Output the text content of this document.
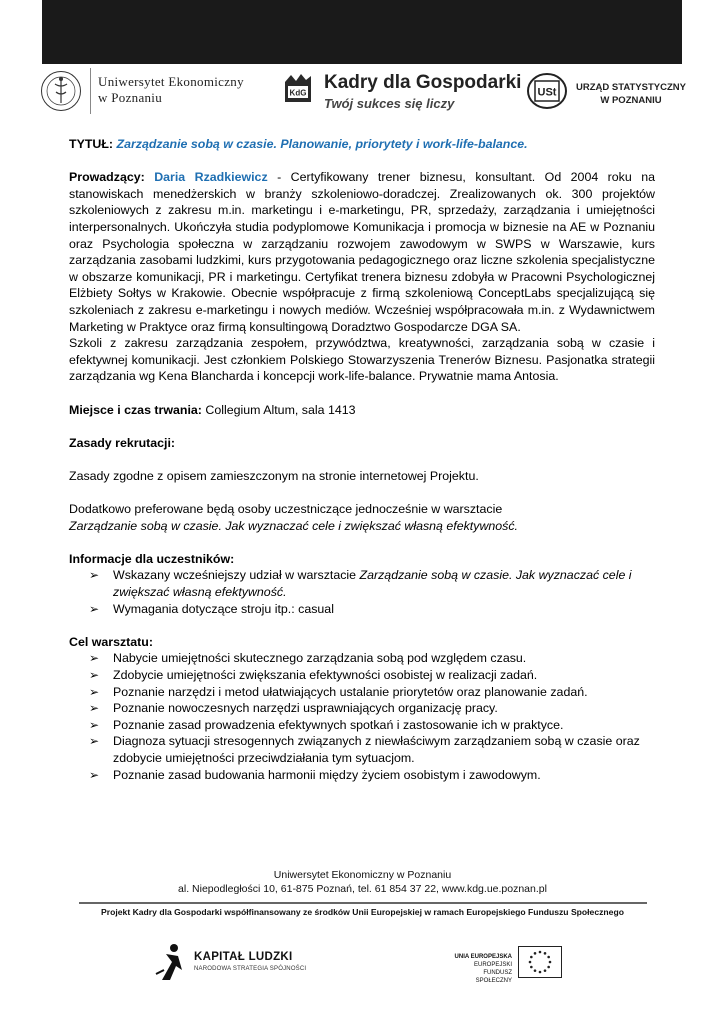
Uniwersytet Ekonomiczny
w Poznaniu	KdG Kadry dla Gospodarki
Twój sukces się liczy
USt URZĄD STATYSTYCZNY
W POZNANIU

TYTUŁ: Zarządzanie sobą w czasie. Planowanie, priorytety i work-life-balance.

Prowadzący: Daria Rzadkiewicz - Certyfikowany trener biznesu, konsultant. Od 2004 roku na stanowiskach menedżerskich w branży szkoleniowo-doradczej. Zrealizowanych ok. 300 projektów szkoleniowych z zakresu m.in. marketingu i e-marketingu, PR, sprzedaży, zarządzania i umiejętności interpersonalnych. Ukończyła studia podyplomowe Komunikacja i promocja w biznesie na AE w Poznaniu oraz Psychologia społeczna w zarządzaniu rozwojem zawodowym w SWPS w Warszawie, kurs zarządzania zasobami ludzkimi, kurs przygotowania pedagogicznego oraz liczne szkolenia specjalistyczne w obszarze komunikacji, PR i marketingu. Certyfikat trenera biznesu zdobyła w Pracowni Psychologicznej Elżbiety Sołtys w Krakowie. Obecnie współpracuje z firmą szkoleniową ConceptLabs specjalizującą się szkoleniach z zakresu e-marketingu i nowych mediów. Wcześniej współpracowała m.in. z Wydawnictwem Marketing w Praktyce oraz firmą konsultingową Doradztwo Gospodarcze DGA SA.

Szkoli z zakresu zarządzania zespołem, przywództwa, kreatywności, zarządzania sobą w czasie i efektywnej komunikacji. Jest członkiem Polskiego Stowarzyszenia Trenerów Biznesu. Pasjonatka strategii zarządzania wg Kena Blancharda i koncepcji work-life-balance. Prywatnie mama Antosia.

Miejsce i czas trwania: Collegium Altum, sala 1413

Zasady rekrutacji:

Zasady zgodne z opisem zamieszczonym na stronie internetowej Projektu.

Dodatkowo preferowane będą osoby uczestniczące jednocześnie w warsztacie

Zarządzanie sobą w czasie. Jak wyznaczać cele i zwiększać własną efektywność.

Informacje dla uczestników:

➢ Wskazany wcześniejszy udział w warsztacie Zarządzanie sobą w czasie. Jak wyznaczać cele i zwiększać własną efektywność.
➢ Wymagania dotyczące stroju itp.: casual

Cel warsztatu:

➢ Nabycie umiejętności skutecznego zarządzania sobą pod względem czasu.
➢ Zdobycie umiejętności zwiększania efektywności osobistej w realizacji zadań.
➢ Poznanie narzędzi i metod ułatwiających ustalanie priorytetów oraz planowanie zadań.
➢ Poznanie nowoczesnych narzędzi usprawniających organizację pracy.
➢ Poznanie zasad prowadzenia efektywnych spotkań i zastosowanie ich w praktyce.
➢ Diagnoza sytuacji stresogennych związanych z niewłaściwym zarządzaniem sobą w czasie oraz zdobycie umiejętności przeciwdziałania tym sytuacjom.
➢ Poznanie zasad budowania harmonii między życiem osobistym i zawodowym.
Uniwersytet Ekonomiczny w Poznaniu
al. Niepodległości 10, 61-875 Poznań, tel. 61 854 37 22, www.kdg.ue.poznan.pl
Projekt Kadry dla Gospodarki współfinansowany ze środków Unii Europejskiej w ramach Europejskiego Funduszu Społecznego
KAPITAŁ LUDZKI
NARODOWA STRATEGIA SPÓJNOŚCI
UNIA EUROPEJSKA
EUROPEJSKI
FUNDUSZ SPOŁECZNY
